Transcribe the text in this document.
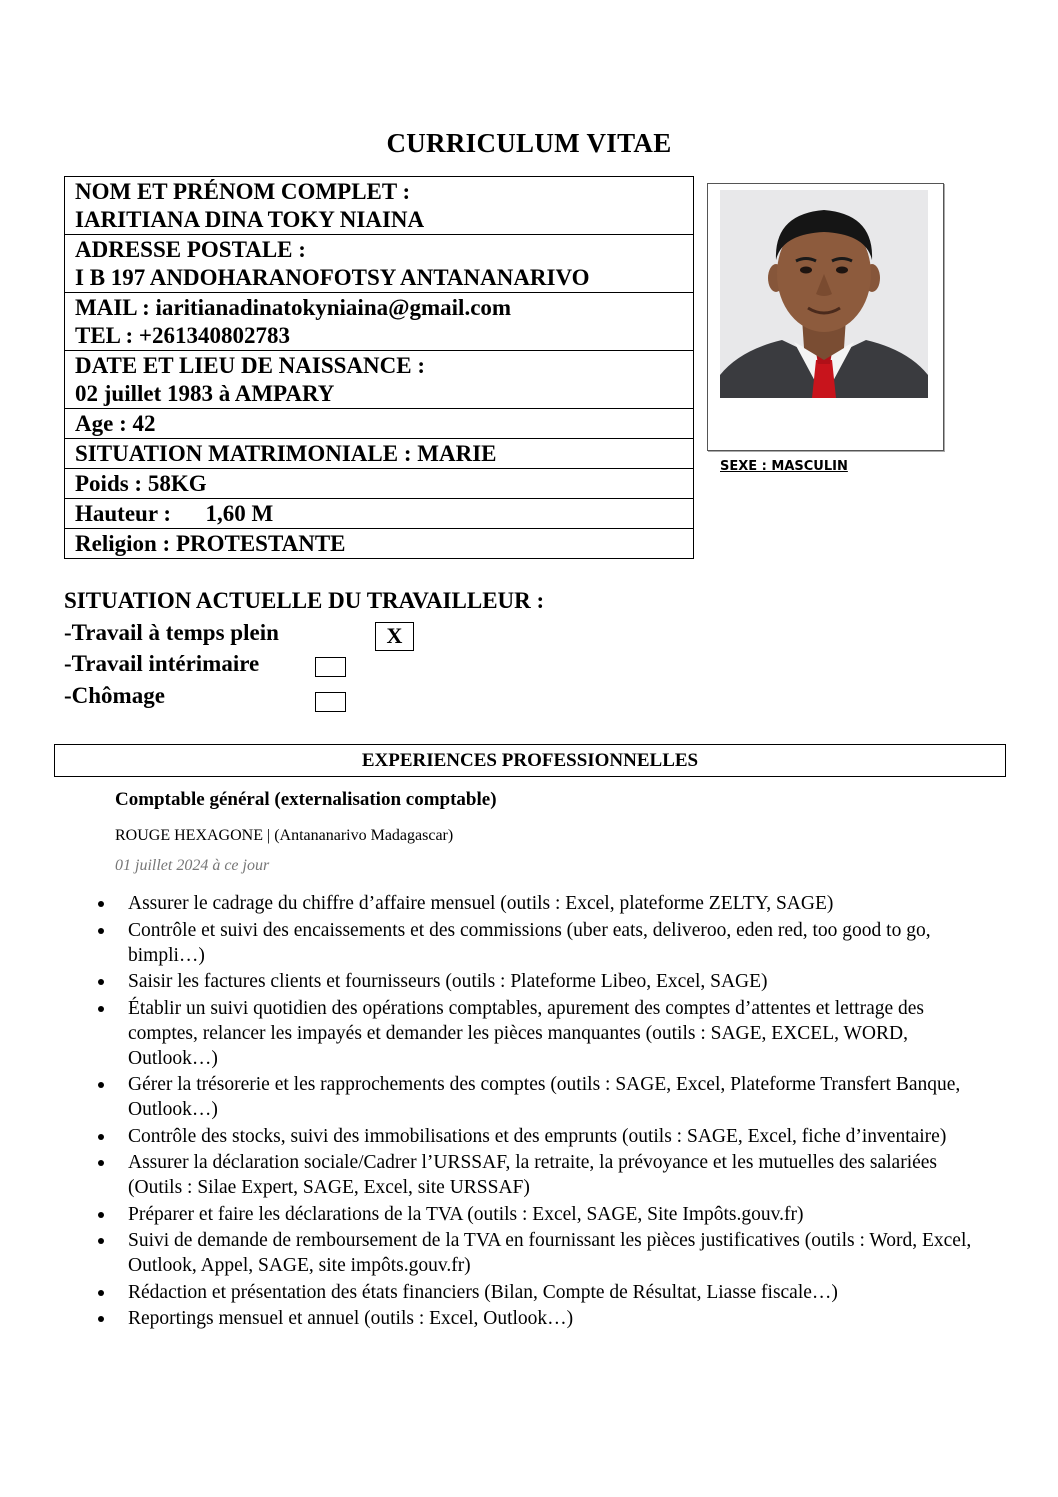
CURRICULUM VITAE
NOM ET PRÉNOM COMPLET :
IARITIANA DINA TOKY NIAINA

ADRESSE POSTALE :
I B 197 ANDOHARANOFOTSY ANTANANARIVO

MAIL : iaritianadinatokyniaina@gmail.com
TEL : +261340802783

DATE ET LIEU DE NAISSANCE :
02 juillet 1983 à AMPARY

Age : 42
SITUATION MATRIMONIALE : MARIE
Poids : 58KG
Hauteur :      1,60 M
Religion : PROTESTANTE
SEXE : MASCULIN
SITUATION ACTUELLE DU TRAVAILLEUR :
-Travail à temps plein	X
-Travail intérimaire
-Chômage
EXPERIENCES PROFESSIONNELLES
Comptable général (externalisation comptable)
ROUGE HEXAGONE | (Antananarivo Madagascar)
01 juillet 2024 à ce jour
Assurer le cadrage du chiffre d’affaire mensuel (outils : Excel, plateforme ZELTY, SAGE)
Contrôle et suivi des encaissements et des commissions (uber eats, deliveroo, eden red, too good to go, bimpli…)
Saisir les factures clients et fournisseurs (outils : Plateforme Libeo, Excel, SAGE)
Établir un suivi quotidien des opérations comptables, apurement des comptes d’attentes et lettrage des comptes, relancer les impayés et demander les pièces manquantes (outils : SAGE, EXCEL, WORD, Outlook…)
Gérer la trésorerie et les rapprochements des comptes (outils : SAGE, Excel, Plateforme Transfert Banque, Outlook…)
Contrôle des stocks, suivi des immobilisations et des emprunts (outils : SAGE, Excel, fiche d’inventaire)
Assurer la déclaration sociale/Cadrer l’URSSAF, la retraite, la prévoyance et les mutuelles des salariées (Outils : Silae Expert, SAGE, Excel, site URSSAF)
Préparer et faire les déclarations de la TVA (outils : Excel, SAGE, Site Impôts.gouv.fr)
Suivi de demande de remboursement de la TVA en fournissant les pièces justificatives (outils : Word, Excel, Outlook, Appel, SAGE, site impôts.gouv.fr)
Rédaction et présentation des états financiers (Bilan, Compte de Résultat, Liasse fiscale…)
Reportings mensuel et annuel (outils : Excel, Outlook…)
